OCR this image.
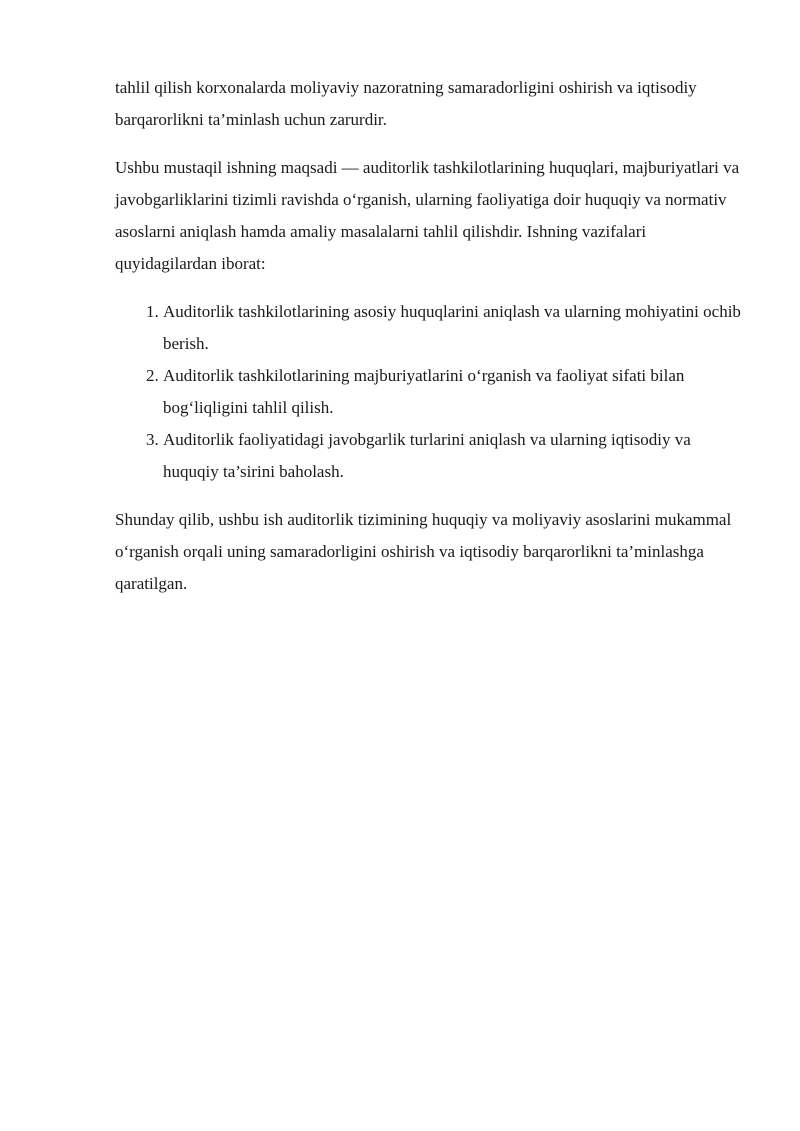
tahlil qilish korxonalarda moliyaviy nazoratning samaradorligini oshirish va iqtisodiy barqarorlikni ta’minlash uchun zarurdir.

Ushbu mustaqil ishning maqsadi — auditorlik tashkilotlarining huquqlari, majburiyatlari va javobgarliklarini tizimli ravishda oʻrganish, ularning faoliyatiga doir huquqiy va normativ asoslarni aniqlash hamda amaliy masalalarni tahlil qilishdir. Ishning vazifalari quyidagilardan iborat:

1. Auditorlik tashkilotlarining asosiy huquqlarini aniqlash va ularning mohiyatini ochib berish.
2. Auditorlik tashkilotlarining majburiyatlarini oʻrganish va faoliyat sifati bilan bogʻliqligini tahlil qilish.
3. Auditorlik faoliyatidagi javobgarlik turlarini aniqlash va ularning iqtisodiy va huquqiy ta’sirini baholash.

Shunday qilib, ushbu ish auditorlik tizimining huquqiy va moliyaviy asoslarini mukammal oʻrganish orqali uning samaradorligini oshirish va iqtisodiy barqarorlikni ta’minlashga qaratilgan.
